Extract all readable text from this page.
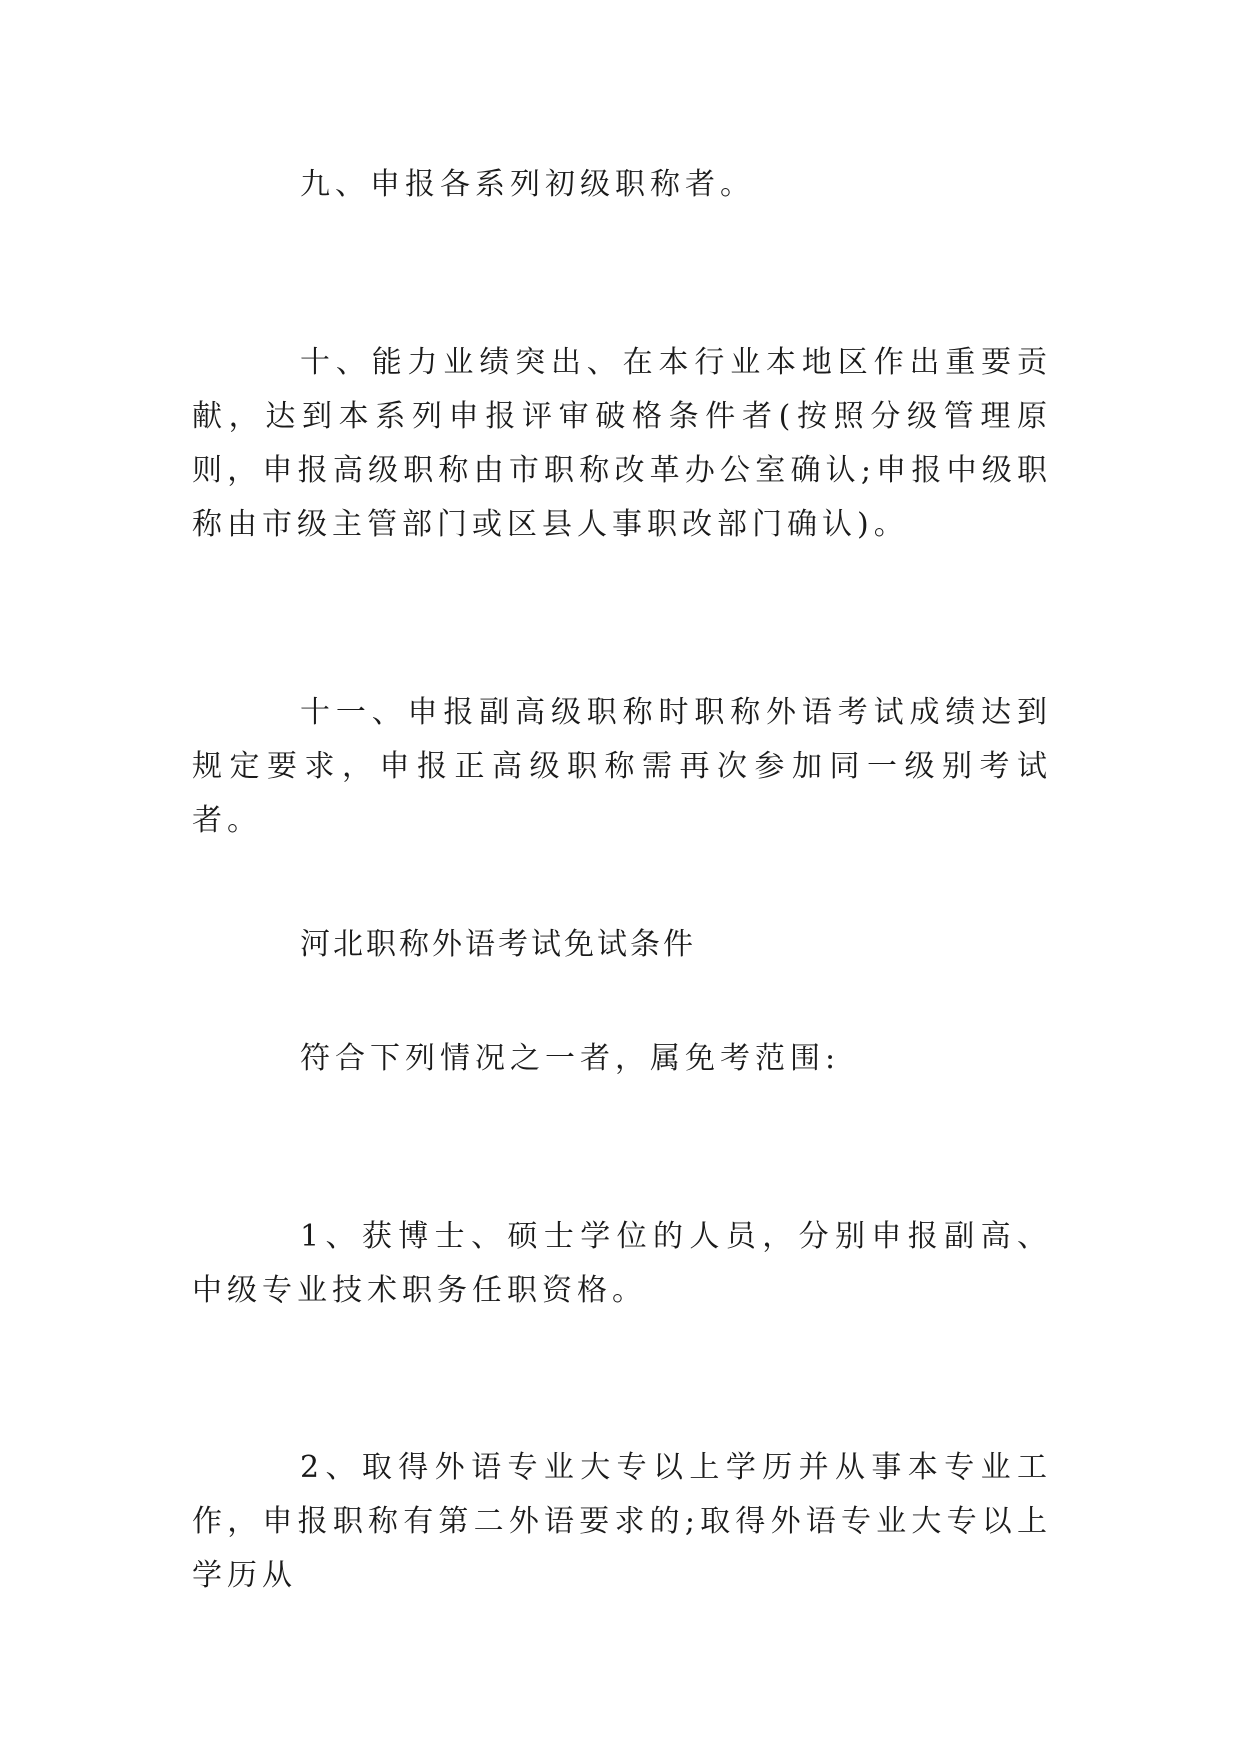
九、申报各系列初级职称者。

十、能力业绩突出、在本行业本地区作出重要贡献，达到本系列申报评审破格条件者(按照分级管理原则，申报高级职称由市职称改革办公室确认;申报中级职称由市级主管部门或区县人事职改部门确认)。

十一、申报副高级职称时职称外语考试成绩达到规定要求，申报正高级职称需再次参加同一级别考试者。

河北职称外语考试免试条件

符合下列情况之一者，属免考范围:

1、获博士、硕士学位的人员，分别申报副高、中级专业技术职务任职资格。

2、取得外语专业大专以上学历并从事本专业工作，申报职称有第二外语要求的;取得外语专业大专以上学历从
